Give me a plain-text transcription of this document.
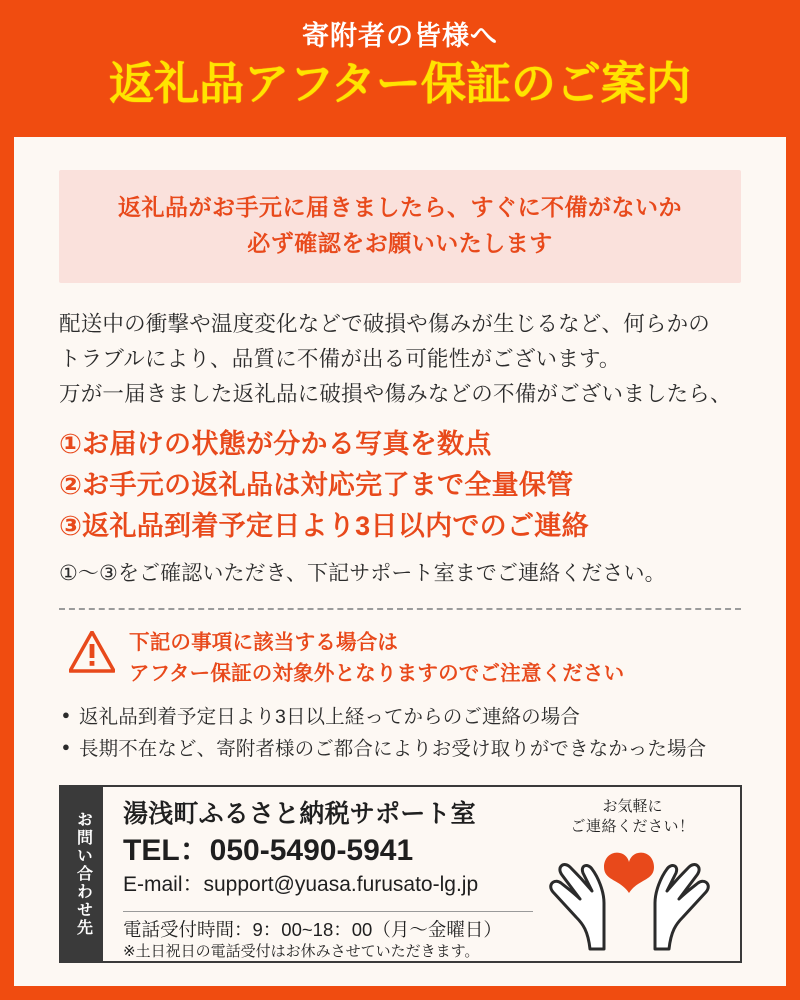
寄附者の皆様へ
返礼品アフター保証のご案内
返礼品がお手元に届きましたら、すぐに不備がないか
必ず確認をお願いいたします
配送中の衝撃や温度変化などで破損や傷みが生じるなど、何らかの
トラブルにより、品質に不備が出る可能性がございます。
万が一届きました返礼品に破損や傷みなどの不備がございましたら、
①お届けの状態が分かる写真を数点
②お手元の返礼品は対応完了まで全量保管
③返礼品到着予定日より3日以内でのご連絡
①〜③をご確認いただき、下記サポート室までご連絡ください。
下記の事項に該当する場合は
アフター保証の対象外となりますのでご注意ください
● 返礼品到着予定日より3日以上経ってからのご連絡の場合
● 長期不在など、寄附者様のご都合によりお受け取りができなかった場合
お問い合わせ先 湯浅町ふるさと納税サポート室
TEL：050-5490-5941
E-mail：support@yuasa.furusato-lg.jp
電話受付時間：9：00~18：00（月〜金曜日）
※土日祝日の電話受付はお休みさせていただきます。
お気軽に
ご連絡ください！
